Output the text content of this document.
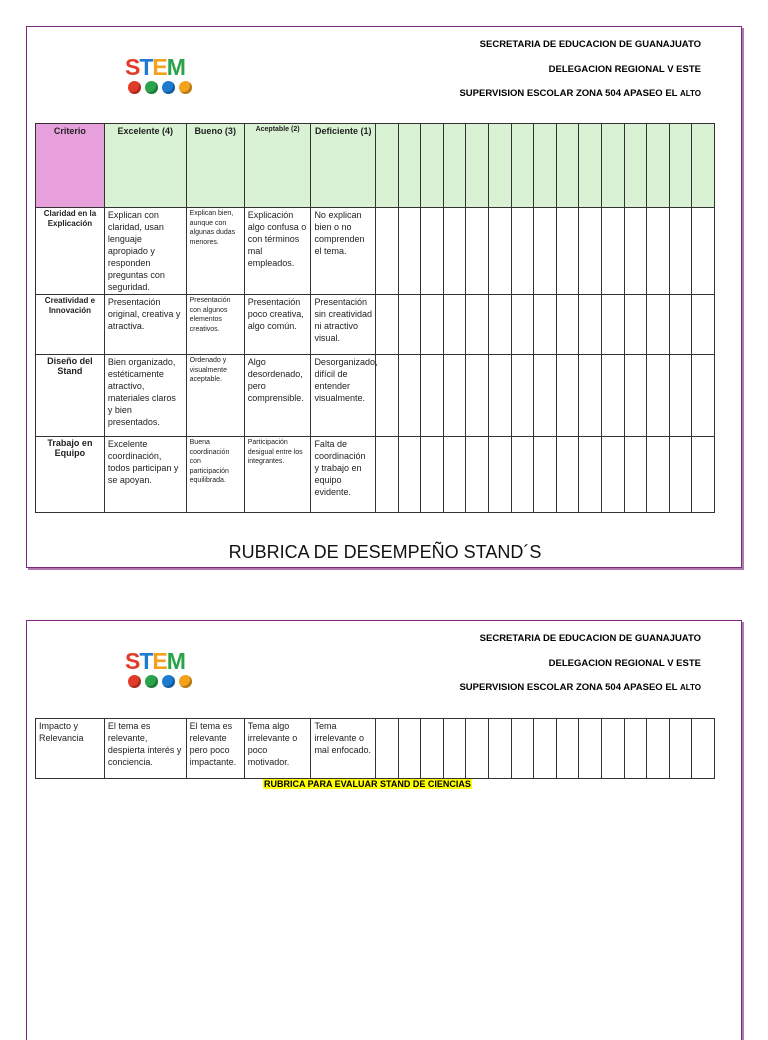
SECRETARIA DE EDUCACION DE GUANAJUATO
DELEGACION REGIONAL V ESTE
SUPERVISION ESCOLAR ZONA 504 APASEO EL ALTO
S T E M
Criterio	Excelente (4)	Bueno (3)	Aceptable (2)	Deficiente (1)															
Claridad en la Explicación	Explican con claridad, usan lenguaje apropiado y responden preguntas con seguridad.	Explican bien, aunque con algunas dudas menores.	Explicación algo confusa o con términos mal empleados.	No explican bien o no comprenden el tema.															
Creatividad e Innovación	Presentación original, creativa y atractiva.	Presentación con algunos elementos creativos.	Presentación poco creativa, algo común.	Presentación sin creatividad ni atractivo visual.															
Diseño del Stand	Bien organizado, estéticamente atractivo, materiales claros y bien presentados.	Ordenado y visualmente aceptable.	Algo desordenado, pero comprensible.	Desorganizado, difícil de entender visualmente.															
Trabajo en Equipo	Excelente coordinación, todos participan y se apoyan.	Buena coordinación con participación equilibrada.	Participación desigual entre los integrantes.	Falta de coordinación y trabajo en equipo evidente.															
RUBRICA DE DESEMPEÑO STAND´S
SECRETARIA DE EDUCACION DE GUANAJUATO
DELEGACION REGIONAL V ESTE
SUPERVISION ESCOLAR ZONA 504 APASEO EL ALTO
S T E M
Impacto y Relevancia	El tema es relevante, despierta interés y conciencia.	El tema es relevante pero poco impactante.	Tema algo irrelevante o poco motivador.	Tema irrelevante o mal enfocado.															
RUBRICA PARA EVALUAR STAND DE CIENCIAS
